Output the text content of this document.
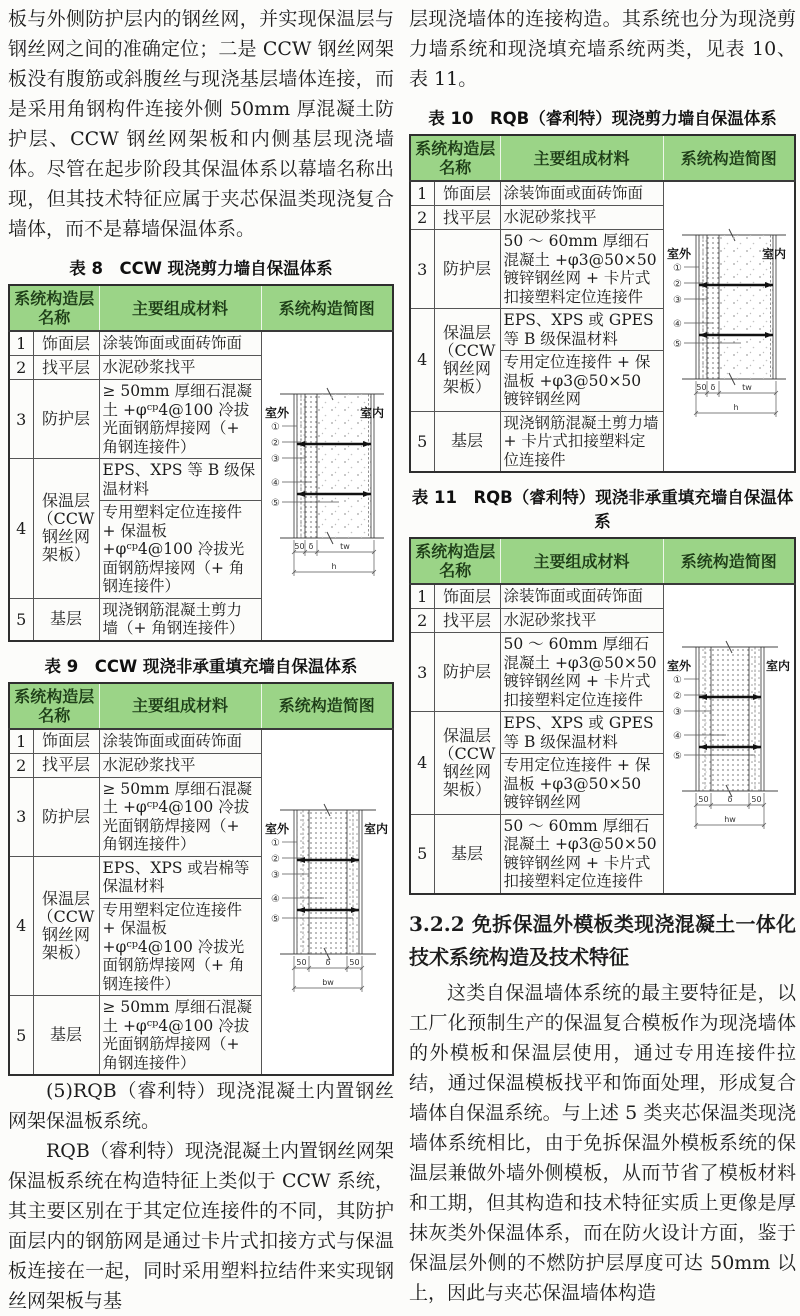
板与外侧防护层内的钢丝网，并实现保温层与钢丝网之间的准确定位；二是 CCW 钢丝网架板没有腹筋或斜腹丝与现浇基层墙体连接，而是采用角钢构件连接外侧 50mm 厚混凝土防护层、CCW 钢丝网架板和内侧基层现浇墙体。尽管在起步阶段其保温体系以幕墙名称出现，但其技术特征应属于夹芯保温类现浇复合墙体，而不是幕墙保温体系。

表 8　CCW 现浇剪力墙自保温体系
系统构造层名称		主要组成材料	系统构造简图
1	饰面层	涂装饰面或面砖饰面	
室外	室内
①
②
③
④
⑤
50 δ	tw
h

2	找平层	水泥砂浆找平	
3	防护层	≥ 50mm 厚细石混凝土 +φᶜᵖ4@100 冷拔光面钢筋焊接网（+ 角钢连接件）	
4	保温层（CCW 钢丝网架板）	EPS、XPS 等 B 级保温材料	
		专用塑料定位连接件 + 保温板 +φᶜᵖ4@100 冷拔光面钢筋焊接网（+ 角钢连接件）	
5	基层	现浇钢筋混凝土剪力墙（+ 角钢连接件）	
表 9　CCW 现浇非承重填充墙自保温体系
系统构造层名称		主要组成材料	系统构造简图
1	饰面层	涂装饰面或面砖饰面	
室外	室内
①
②
③
④
⑤
50 δ 50
bw

2	找平层	水泥砂浆找平	
3	防护层	≥ 50mm 厚细石混凝土 +φᶜᵖ4@100 冷拔光面钢筋焊接网（+ 角钢连接件）	
4	保温层（CCW 钢丝网架板）	EPS、XPS 或岩棉等保温材料	
		专用塑料定位连接件 + 保温板 +φᶜᵖ4@100 冷拔光面钢筋焊接网（+ 角钢连接件）	
5	基层	≥ 50mm 厚细石混凝土 +φᶜᵖ4@100 冷拔光面钢筋焊接网（+ 角钢连接件）	

(5)RQB（睿利特）现浇混凝土内置钢丝网架保温板系统。

RQB（睿利特）现浇混凝土内置钢丝网架保温板系统在构造特征上类似于 CCW 系统，其主要区别在于其定位连接件的不同，其防护面层内的钢筋网是通过卡片式扣接方式与保温板连接在一起，同时采用塑料拉结件来实现钢丝网架板与基

层现浇墙体的连接构造。其系统也分为现浇剪力墙系统和现浇填充墙系统两类，见表 10、表 11。

表 10　RQB（睿利特）现浇剪力墙自保温体系
系统构造层名称		主要组成材料	系统构造简图
1	饰面层	涂装饰面或面砖饰面	
室外	室内
①
②
③
④
⑤
50 δ	tw
h

2	找平层	水泥砂浆找平	
3	防护层	50 ～ 60mm 厚细石混凝土 +φ3@50×50 镀锌钢丝网 + 卡片式扣接塑料定位连接件	
4	保温层（CCW 钢丝网架板）	EPS、XPS 或 GPES 等 B 级保温材料	
		专用定位连接件 + 保温板 +φ3@50×50 镀锌钢丝网	
5	基层	现浇钢筋混凝土剪力墙 + 卡片式扣接塑料定位连接件	
表 11　RQB（睿利特）现浇非承重填充墙自保温体系
系统构造层名称		主要组成材料	系统构造简图
1	饰面层	涂装饰面或面砖饰面	
室外	室内
①
②
③
④
⑤
50 δ 50
hw

2	找平层	水泥砂浆找平	
3	防护层	50 ～ 60mm 厚细石混凝土 +φ3@50×50 镀锌钢丝网 + 卡片式扣接塑料定位连接件	
4	保温层（CCW 钢丝网架板）	EPS、XPS 或 GPES 等 B 级保温材料	
		专用定位连接件 + 保温板 +φ3@50×50 镀锌钢丝网	
5	基层	50 ～ 60mm 厚细石混凝土 +φ3@50×50 镀锌钢丝网 + 卡片式扣接塑料定位连接件	
3.2.2 免拆保温外模板类现浇混凝土一体化技术系统构造及技术特征

这类自保温墙体系统的最主要特征是，以工厂化预制生产的保温复合模板作为现浇墙体的外模板和保温层使用，通过专用连接件拉结，通过保温模板找平和饰面处理，形成复合墙体自保温系统。与上述 5 类夹芯保温类现浇墙体系统相比，由于免拆保温外模板系统的保温层兼做外墙外侧模板，从而节省了模板材料和工期，但其构造和技术特征实质上更像是厚抹灰类外保温体系，而在防火设计方面，鉴于保温层外侧的不燃防护层厚度可达 50mm 以上，因此与夹芯保温墙体构造
